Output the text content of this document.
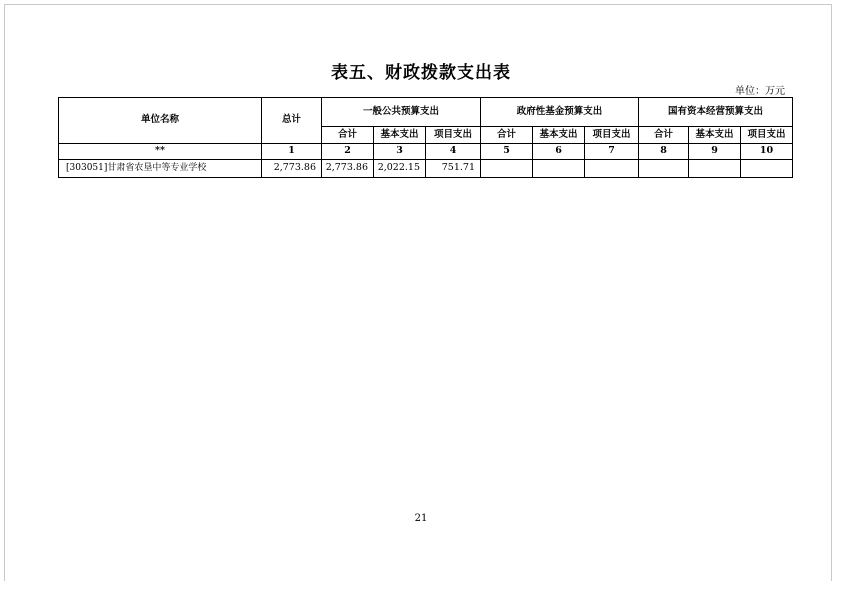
表五、财政拨款支出表
单位：万元
单位名称	总计	一般公共预算支出			政府性基金预算支出			国有资本经营预算支出		
		合计	基本支出	项目支出	合计	基本支出	项目支出	合计	基本支出	项目支出
**	1	2	3	4	5	6	7	8	9	10
[303051]甘肃省农垦中等专业学校	2,773.86	2,773.86	2,022.15	751.71						
21
